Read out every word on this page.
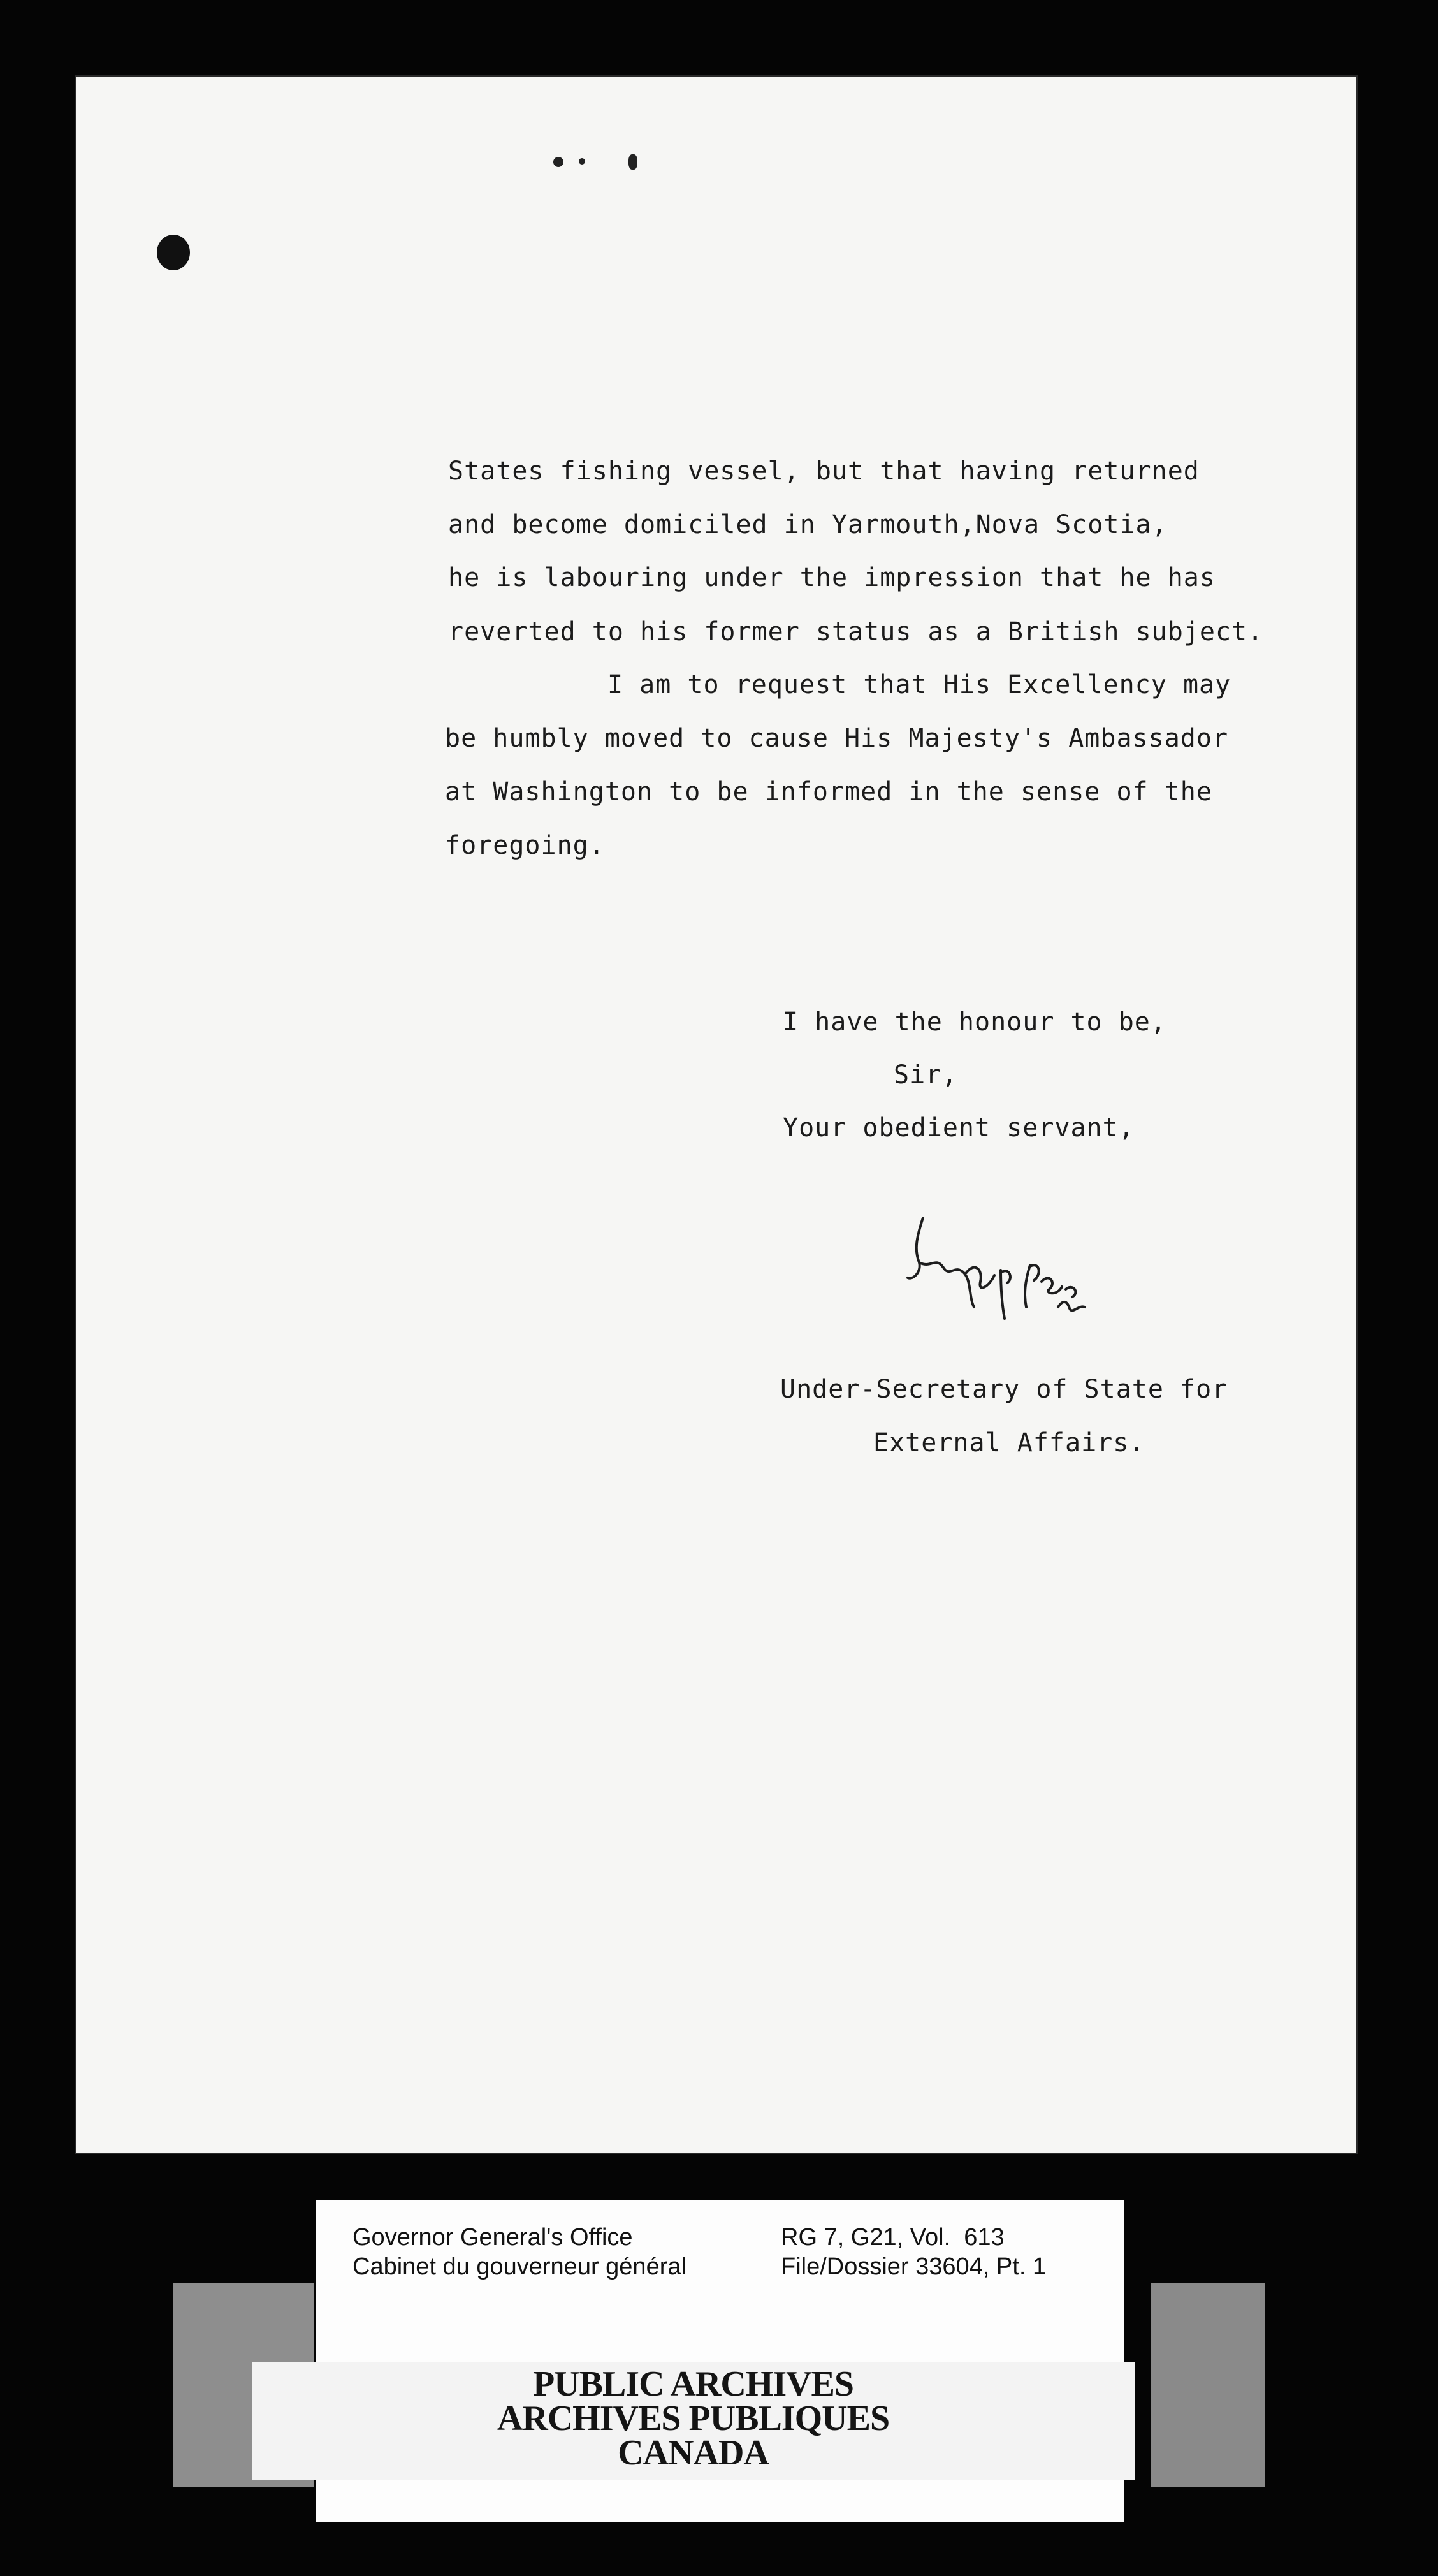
States fishing vessel, but that having returned
and become domiciled in Yarmouth,Nova Scotia,
he is labouring under the impression that he has
reverted to his former status as a British subject.
I am to request that His Excellency may
be humbly moved to cause His Majesty's Ambassador
at Washington to be informed in the sense of the
foregoing.
I have the honour to be,
Sir,
Your obedient servant,
Under-Secretary of State for
External Affairs.
Governor General's Office
Cabinet du gouverneur général
RG 7, G21, Vol.  613
File/Dossier 33604, Pt. 1
PUBLIC ARCHIVES
ARCHIVES PUBLIQUES
CANADA
